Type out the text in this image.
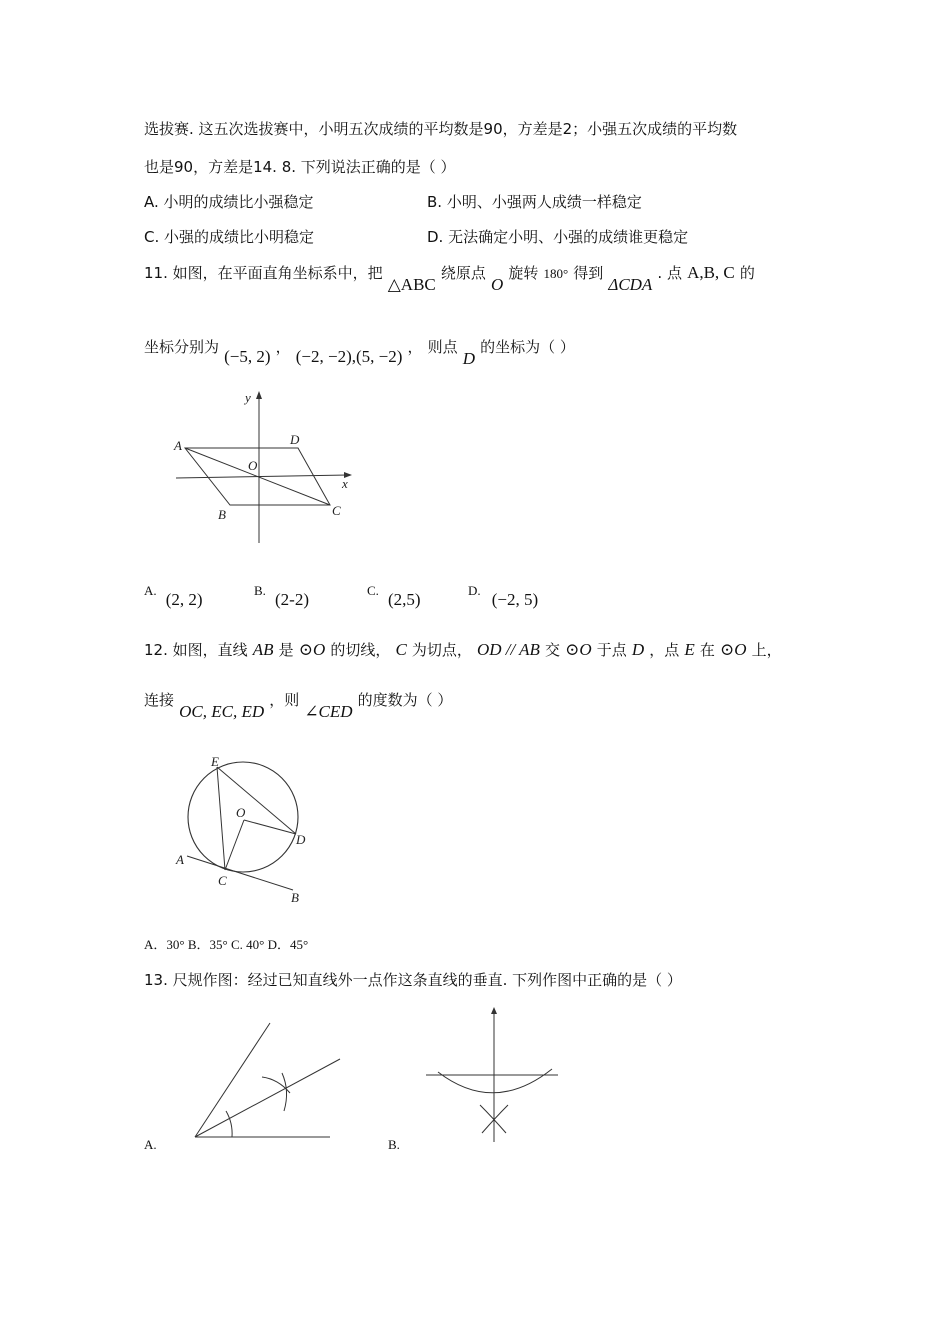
选拔赛. 这五次选拔赛中，小明五次成绩的平均数是90，方差是2；小强五次成绩的平均数
也是90，方差是14. 8. 下列说法正确的是（ ）
A. 小明的成绩比小强稳定	B. 小明、小强两人成绩一样稳定
C. 小强的成绩比小明稳定	D. 无法确定小明、小强的成绩谁更稳定
11. 如图，在平面直角坐标系中，把 △ABC 绕原点 O 旋转 180° 得到 ΔCDA . 点 A,B, C 的
坐标分别为 (−5, 2) ， (−2, −2),(5, −2) ， 则点 D 的坐标为（ ）
y
A	D
O
x
B	C
A. (2, 2)	B. (2-2)	C. (2,5)	D. (−2, 5)
12. 如图，直线 AB 是 ⊙O 的切线， C 为切点， OD // AB 交 ⊙O 于点 D ，点 E 在 ⊙O 上，
连接 OC, EC, ED ，则 ∠CED 的度数为（ ）
E
O
D
A
C
B
A．30° B．35° C. 40° D．45°
13. 尺规作图：经过已知直线外一点作这条直线的垂直. 下列作图中正确的是（ ）
A.	B.
